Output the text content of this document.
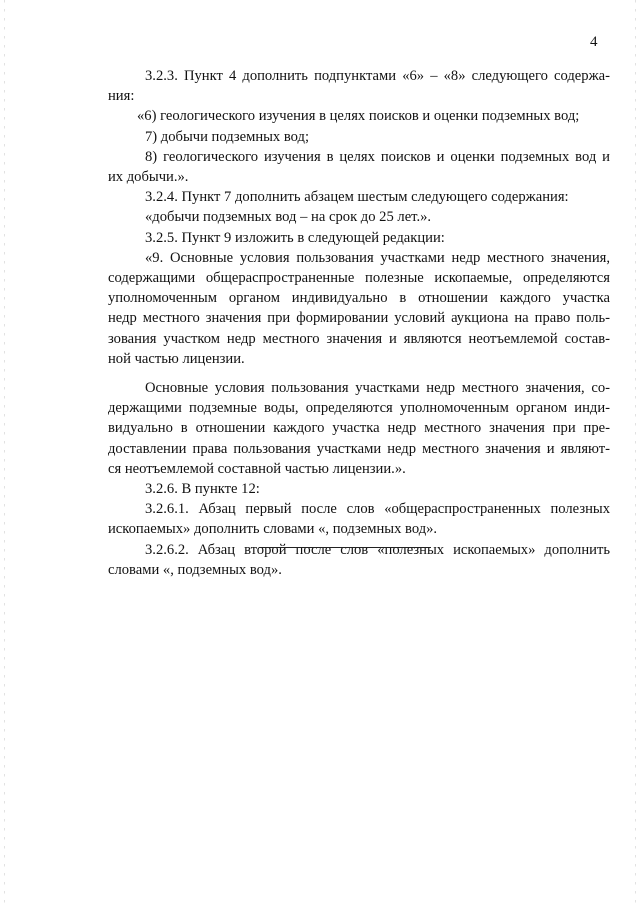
4

3.2.3. Пункт 4 дополнить подпунктами «6» – «8» следующего содержа-
ния:

«6) геологического изучения в целях поисков и оценки подземных вод;

7) добычи подземных вод;

8) геологического изучения в целях поисков и оценки подземных вод и
их добычи.».

3.2.4. Пункт 7 дополнить абзацем шестым следующего содержания:

«добычи подземных вод – на срок до 25 лет.».

3.2.5. Пункт 9 изложить в следующей редакции:

«9. Основные условия пользования участками недр местного значения,
содержащими общераспространенные полезные ископаемые, определяются
уполномоченным органом индивидуально в отношении каждого участка
недр местного значения при формировании условий аукциона на право поль-
зования участком недр местного значения и являются неотъемлемой состав-
ной частью лицензии.

Основные условия пользования участками недр местного значения, со-
держащими подземные воды, определяются уполномоченным органом инди-
видуально в отношении каждого участка недр местного значения при пре-
доставлении права пользования участками недр местного значения и являют-
ся неотъемлемой составной частью лицензии.».

3.2.6. В пункте 12:

3.2.6.1. Абзац первый после слов «общераспространенных полезных
ископаемых» дополнить словами «, подземных вод».

3.2.6.2. Абзац второй после слов «полезных ископаемых» дополнить
словами «, подземных вод».
